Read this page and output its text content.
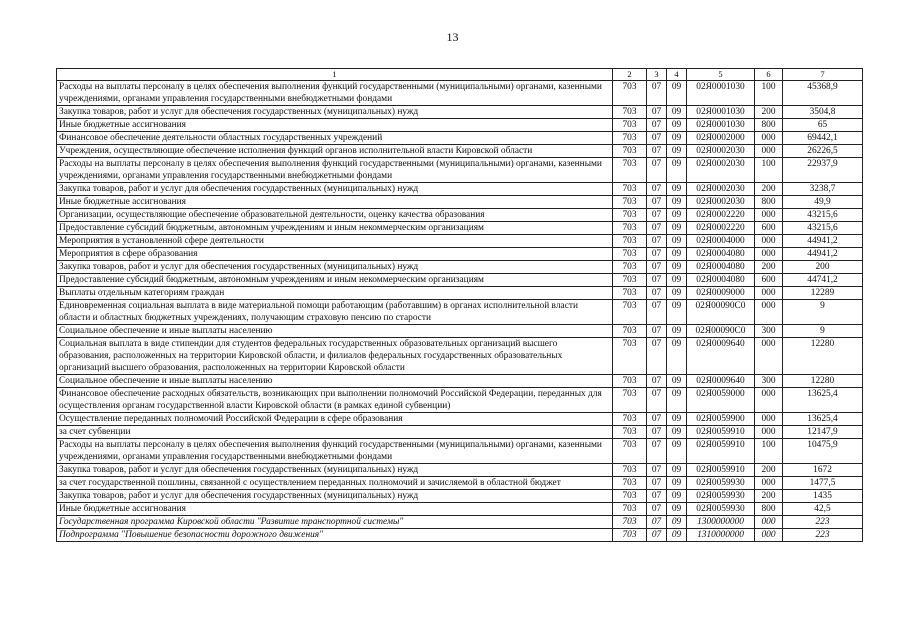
13
1	2	3	4	5	6	7
Расходы на выплаты персоналу в целях обеспечения выполнения функций государственными (муниципальными) органами, казенными учреждениями, органами управления государственными внебюджетными фондами	703	07	09	02Я0001030	100	45368,9
Закупка товаров, работ и услуг для обеспечения государственных (муниципальных) нужд	703	07	09	02Я0001030	200	3504,8
Иные бюджетные ассигнования	703	07	09	02Я0001030	800	65
Финансовое обеспечение деятельности областных государственных учреждений	703	07	09	02Я0002000	000	69442,1
Учреждения, осуществляющие обеспечение исполнения функций органов исполнительной власти Кировской области	703	07	09	02Я0002030	000	26226,5
Расходы на выплаты персоналу в целях обеспечения выполнения функций государственными (муниципальными) органами, казенными учреждениями, органами управления государственными внебюджетными фондами	703	07	09	02Я0002030	100	22937,9
Закупка товаров, работ и услуг для обеспечения государственных (муниципальных) нужд	703	07	09	02Я0002030	200	3238,7
Иные бюджетные ассигнования	703	07	09	02Я0002030	800	49,9
Организации, осуществляющие обеспечение образовательной деятельности, оценку качества образования	703	07	09	02Я0002220	000	43215,6
Предоставление субсидий бюджетным, автономным учреждениям и иным некоммерческим организациям	703	07	09	02Я0002220	600	43215,6
Мероприятия в установленной сфере деятельности	703	07	09	02Я0004000	000	44941,2
Мероприятия в сфере образования	703	07	09	02Я0004080	000	44941,2
Закупка товаров, работ и услуг для обеспечения государственных (муниципальных) нужд	703	07	09	02Я0004080	200	200
Предоставление субсидий бюджетным, автономным учреждениям и иным некоммерческим организациям	703	07	09	02Я0004080	600	44741,2
Выплаты отдельным категориям граждан	703	07	09	02Я0009000	000	12289
Единовременная социальная выплата в виде материальной помощи работающим (работавшим) в органах исполнительной власти области и областных бюджетных учреждениях, получающим страховую пенсию по старости	703	07	09	02Я00090С0	000	9
Социальное обеспечение и иные выплаты населению	703	07	09	02Я00090С0	300	9
Социальная выплата в виде стипендии для студентов федеральных государственных образовательных организаций высшего образования, расположенных на территории Кировской области, и филиалов федеральных государственных образовательных организаций высшего образования, расположенных на территории Кировской области	703	07	09	02Я0009640	000	12280
Социальное обеспечение и иные выплаты населению	703	07	09	02Я0009640	300	12280
Финансовое обеспечение расходных обязательств, возникающих при выполнении полномочий Российской Федерации, переданных для осуществления органам государственной власти Кировской области (в рамках единой субвенции)	703	07	09	02Я0059000	000	13625,4
Осуществление переданных полномочий Российской Федерации в сфере образования	703	07	09	02Я0059900	000	13625,4
за счет субвенции	703	07	09	02Я0059910	000	12147,9
Расходы на выплаты персоналу в целях обеспечения выполнения функций государственными (муниципальными) органами, казенными учреждениями, органами управления государственными внебюджетными фондами	703	07	09	02Я0059910	100	10475,9
Закупка товаров, работ и услуг для обеспечения государственных (муниципальных) нужд	703	07	09	02Я0059910	200	1672
за счет государственной пошлины, связанной с осуществлением переданных полномочий и зачисляемой в областной бюджет	703	07	09	02Я0059930	000	1477,5
Закупка товаров, работ и услуг для обеспечения государственных (муниципальных) нужд	703	07	09	02Я0059930	200	1435
Иные бюджетные ассигнования	703	07	09	02Я0059930	800	42,5
Государственная программа Кировской области "Развитие транспортной системы"	703	07	09	1300000000	000	223
Подпрограмма "Повышение безопасности дорожного движения"	703	07	09	1310000000	000	223
